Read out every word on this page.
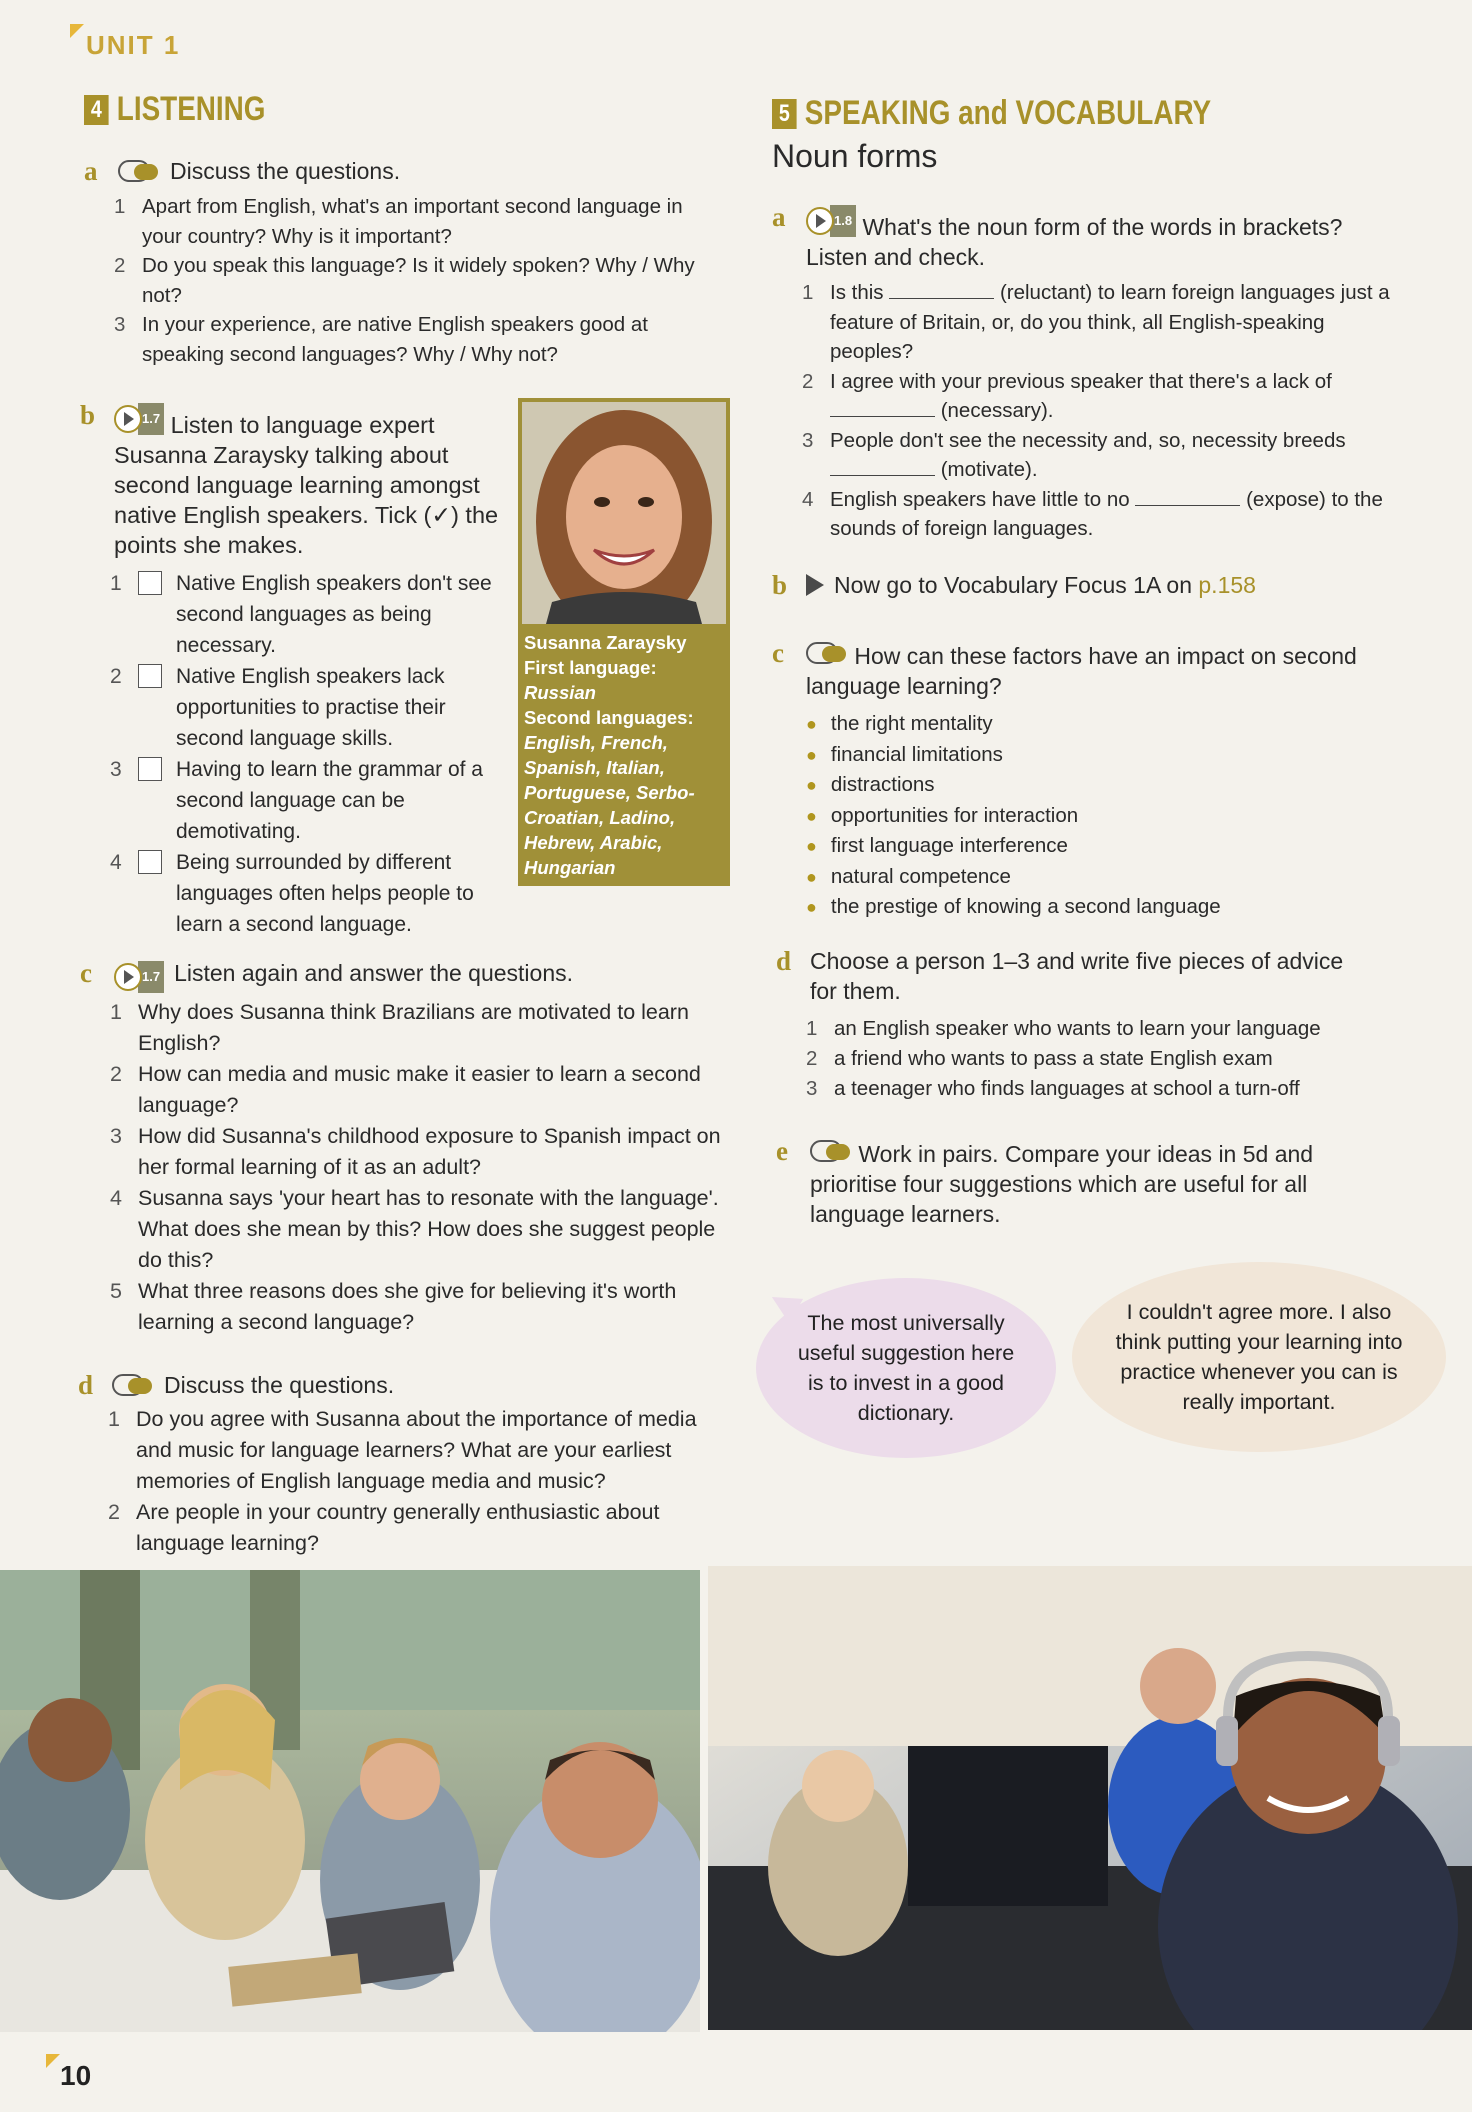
UNIT 1
4 LISTENING
a	Discuss the questions.
1 Apart from English, what's an important second language in your country? Why is it important?
2 Do you speak this language? Is it widely spoken? Why / Why not?
3 In your experience, are native English speakers good at speaking second languages? Why / Why not?
b	1.7 Listen to language expert Susanna Zaraysky talking about second language learning amongst native English speakers. Tick (✓) the points she makes.
1	Native English speakers don't see second languages as being necessary.
2	Native English speakers lack opportunities to practise their second language skills.
3	Having to learn the grammar of a second language can be demotivating.
4	Being surrounded by different languages often helps people to learn a second language.
Susanna Zaraysky
First language:
Russian
Second languages:
English, French, Spanish, Italian, Portuguese, Serbo-Croatian, Ladino, Hebrew, Arabic, Hungarian
c	1.7 Listen again and answer the questions.
1 Why does Susanna think Brazilians are motivated to learn English?
2 How can media and music make it easier to learn a second language?
3 How did Susanna's childhood exposure to Spanish impact on her formal learning of it as an adult?
4 Susanna says 'your heart has to resonate with the language'. What does she mean by this? How does she suggest people do this?
5 What three reasons does she give for believing it's worth learning a second language?
d	Discuss the questions.
1 Do you agree with Susanna about the importance of media and music for language learners? What are your earliest memories of English language media and music?
2 Are people in your country generally enthusiastic about language learning?
5 SPEAKING and VOCABULARY
Noun forms
a	1.8 What's the noun form of the words in brackets? Listen and check.
1 Is this	(reluctant) to learn foreign languages just a feature of Britain, or, do you think, all English-speaking peoples?
2 I agree with your previous speaker that there's a lack of  (necessary).
3 People don't see the necessity and, so, necessity breeds  (motivate).
4 English speakers have little to no	(expose) to the sounds of foreign languages.
b	Now go to Vocabulary Focus 1A on p.158
c	How can these factors have an impact on second language learning?
● the right mentality
● financial limitations
● distractions
● opportunities for interaction
● first language interference
● natural competence
● the prestige of knowing a second language
d Choose a person 1–3 and write five pieces of advice for them.
1 an English speaker who wants to learn your language
2 a friend who wants to pass a state English exam
3 a teenager who finds languages at school a turn-off
e	Work in pairs. Compare your ideas in 5d and prioritise four suggestions which are useful for all language learners.
The most universally useful suggestion here is to invest in a good dictionary.
I couldn't agree more. I also think putting your learning into practice whenever you can is really important.
10
